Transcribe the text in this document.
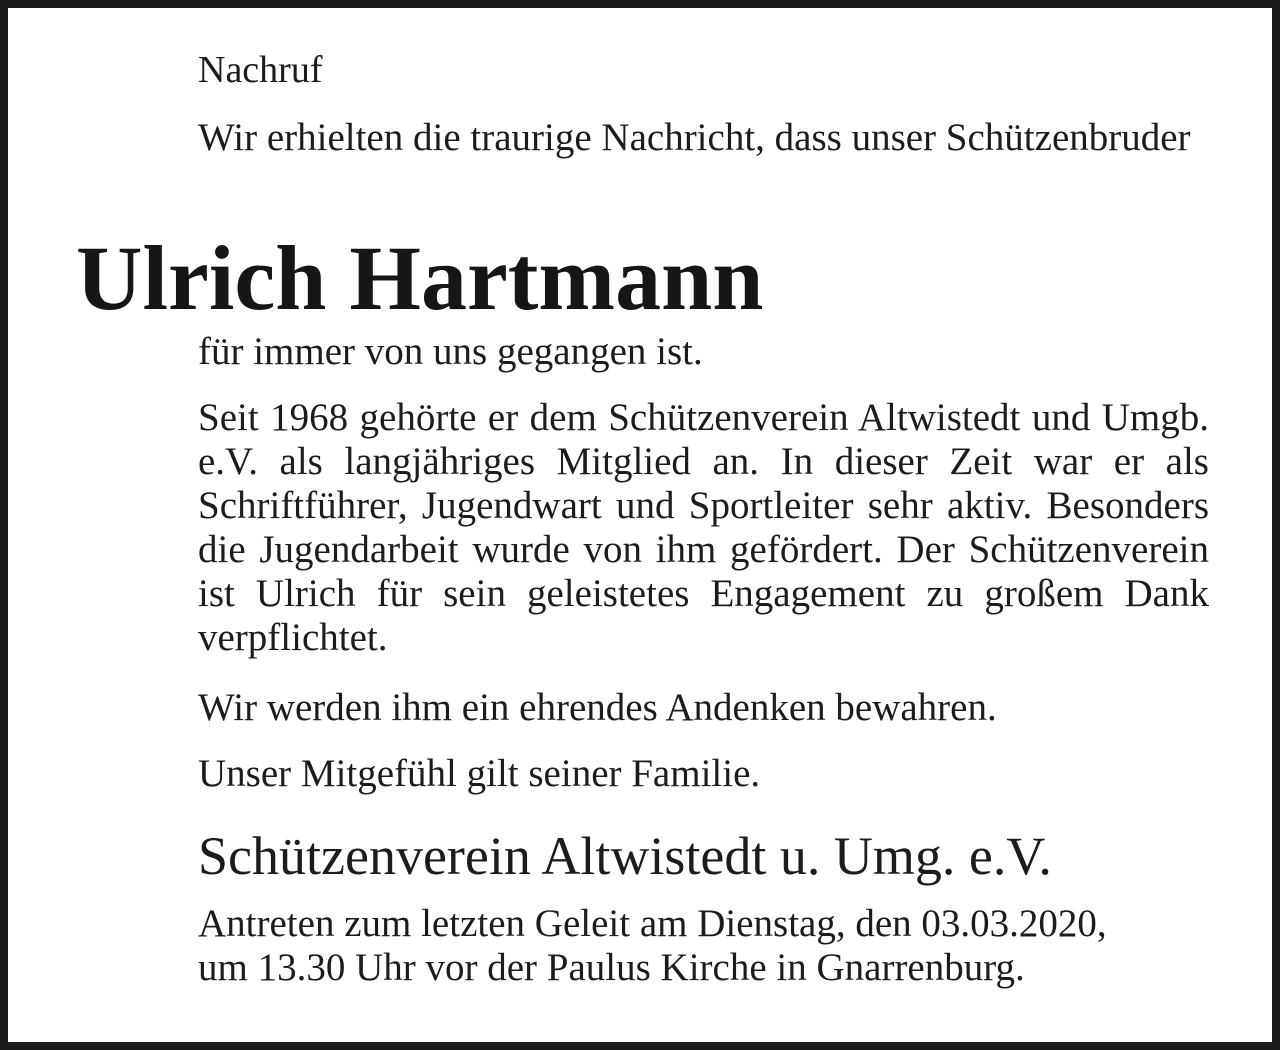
Ulrich Hartmann

Nachruf

Wir erhielten die traurige Nachricht, dass unser Schützenbruder

für immer von uns gegangen ist.

Seit 1968 gehörte er dem Schützenverein Altwistedt und Umgb. e.V. als langjähriges Mitglied an. In dieser Zeit war er als Schriftführer, Jugendwart und Sportleiter sehr aktiv. Besonders die Jugendarbeit wurde von ihm gefördert. Der Schützenverein ist Ulrich für sein geleistetes Engagement zu großem Dank verpflichtet.

Wir werden ihm ein ehrendes Andenken bewahren.

Unser Mitgefühl gilt seiner Familie.

Schützenverein Altwistedt u. Umg. e.V.

Antreten zum letzten Geleit am Dienstag, den 03.03.2020,

um 13.30 Uhr vor der Paulus Kirche in Gnarrenburg.
